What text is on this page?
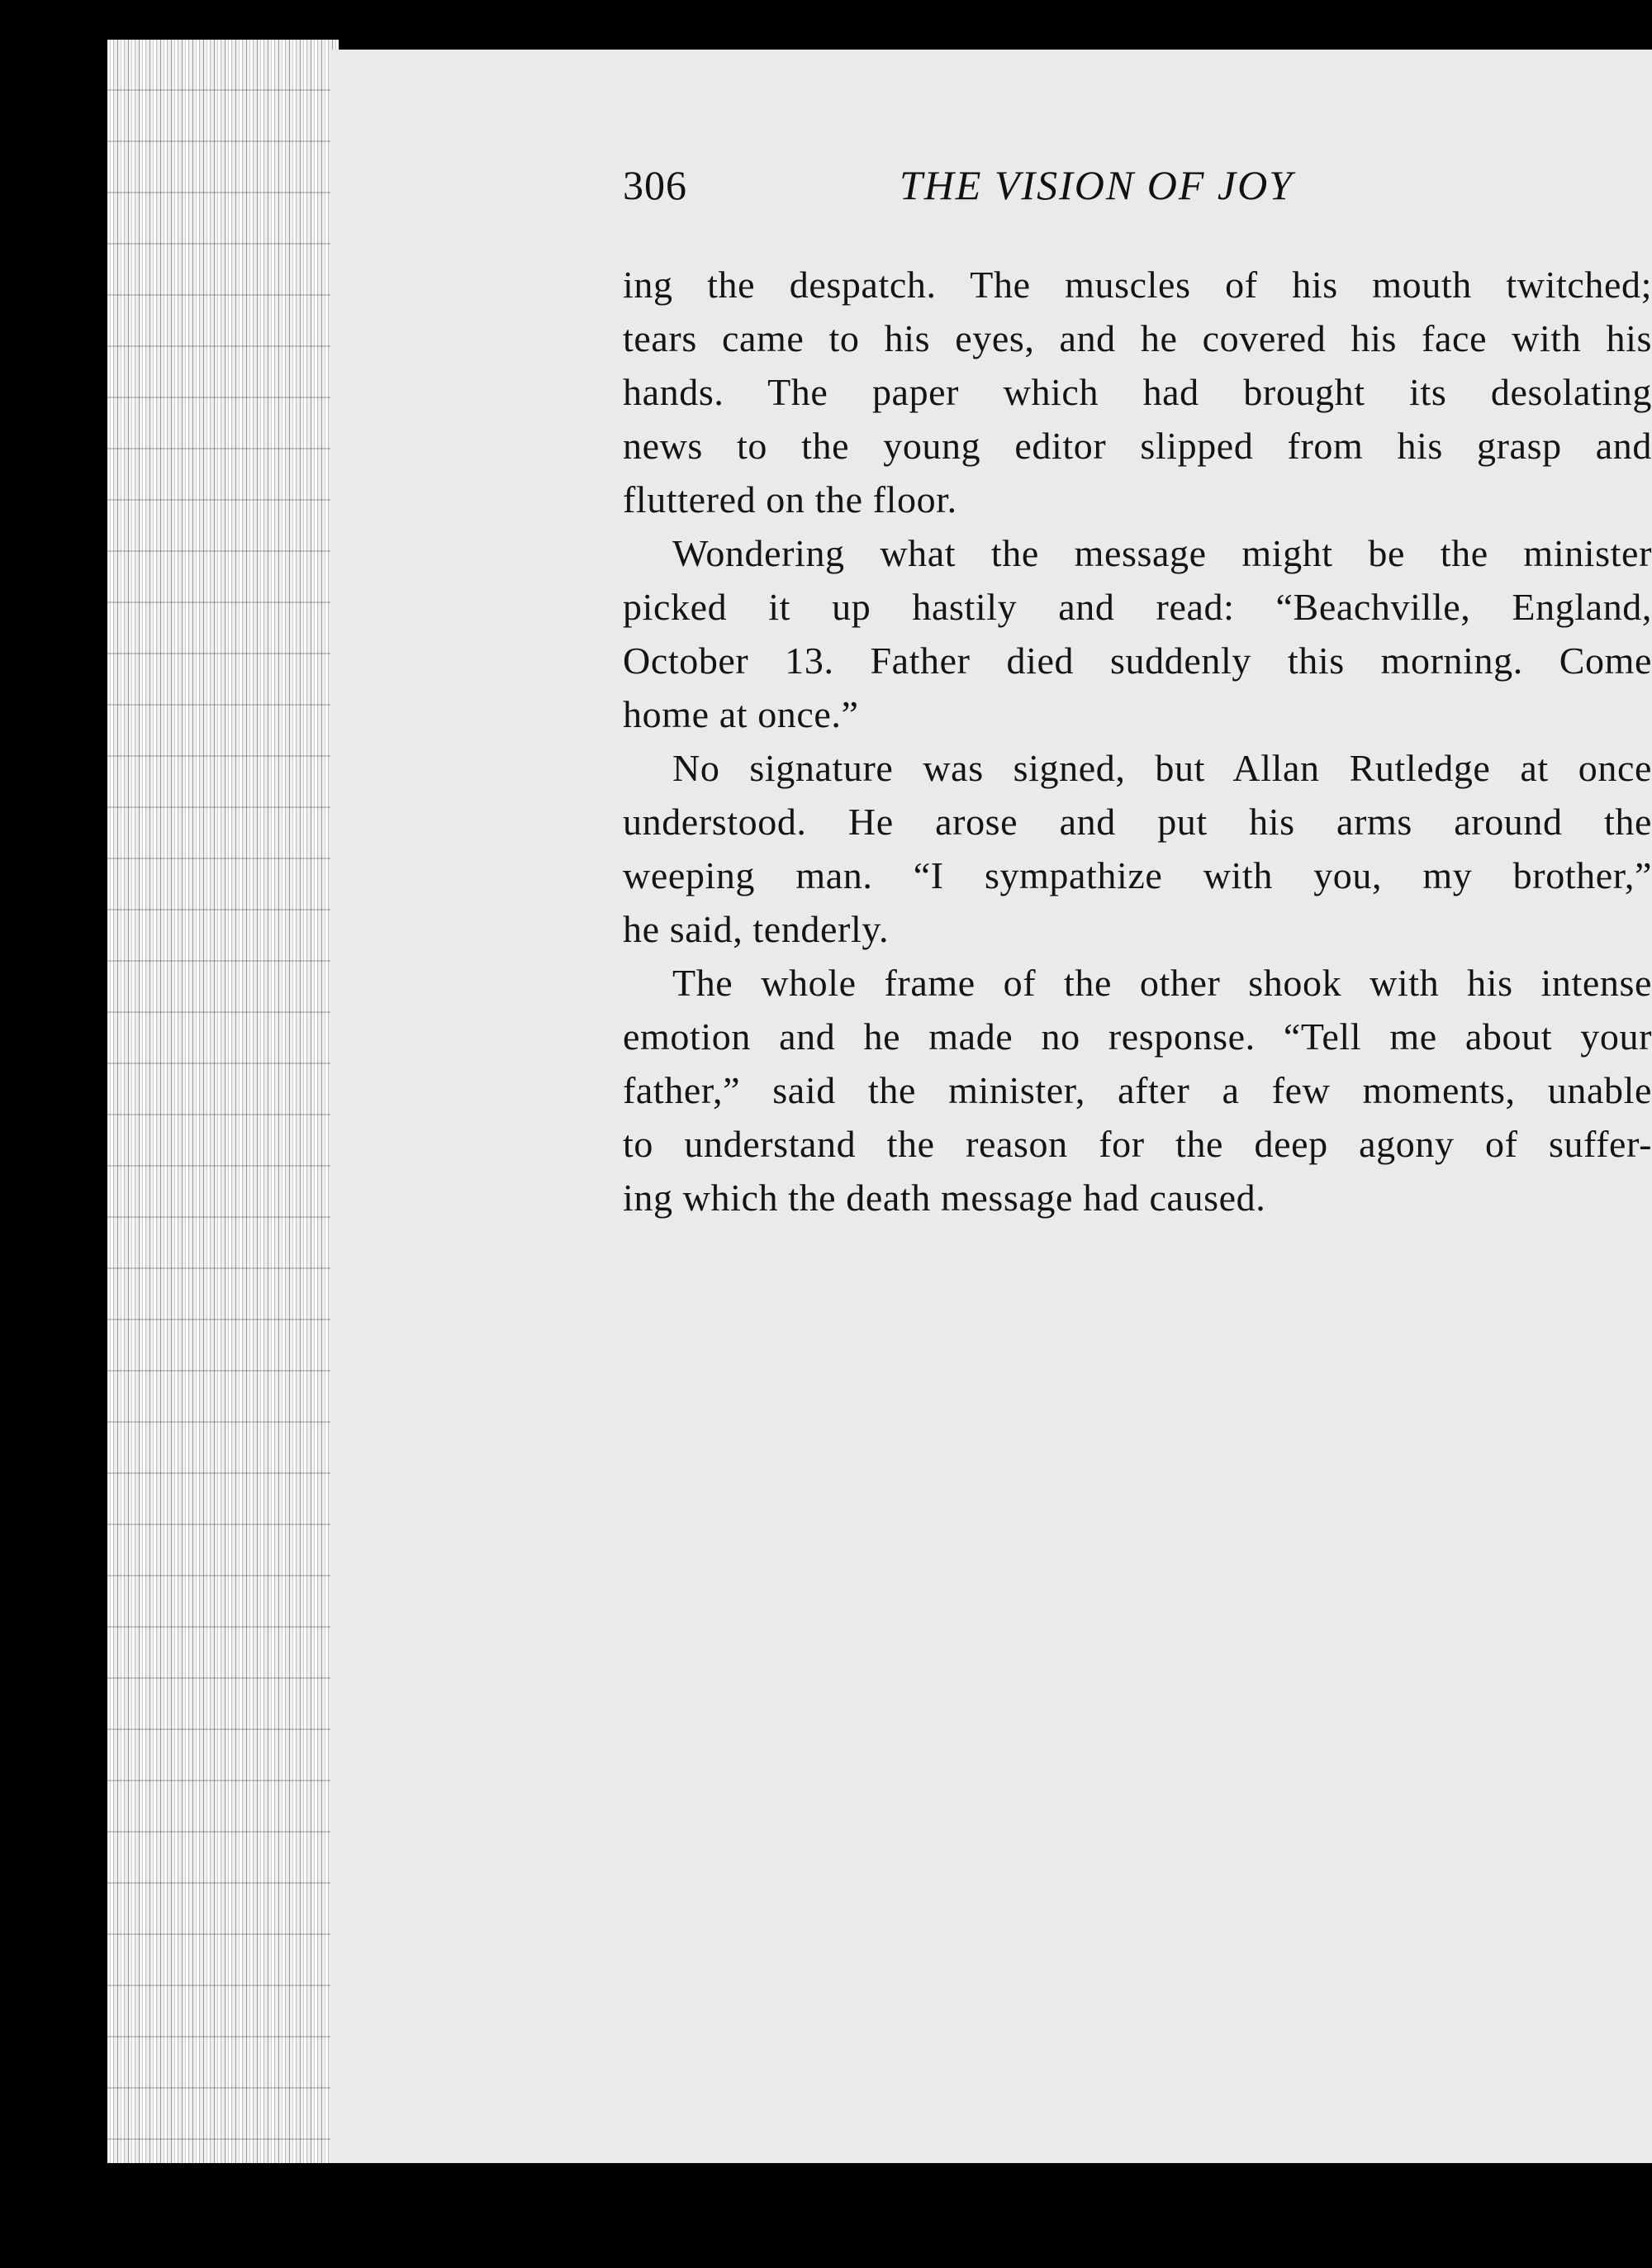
306	THE VISION OF JOY
ing the despatch. The muscles of his mouth twitched;
tears came to his eyes, and he covered his face with his
hands. The paper which had brought its desolating
news to the young editor slipped from his grasp and
fluttered on the floor.
Wondering what the message might be the minister
picked it up hastily and read: “Beachville, England,
October 13. Father died suddenly this morning. Come
home at once.”
No signature was signed, but Allan Rutledge at once
understood. He arose and put his arms around the
weeping man. “I sympathize with you, my brother,”
he said, tenderly.
The whole frame of the other shook with his intense
emotion and he made no response. “Tell me about your
father,” said the minister, after a few moments, unable
to understand the reason for the deep agony of suffer-
ing which the death message had caused.
